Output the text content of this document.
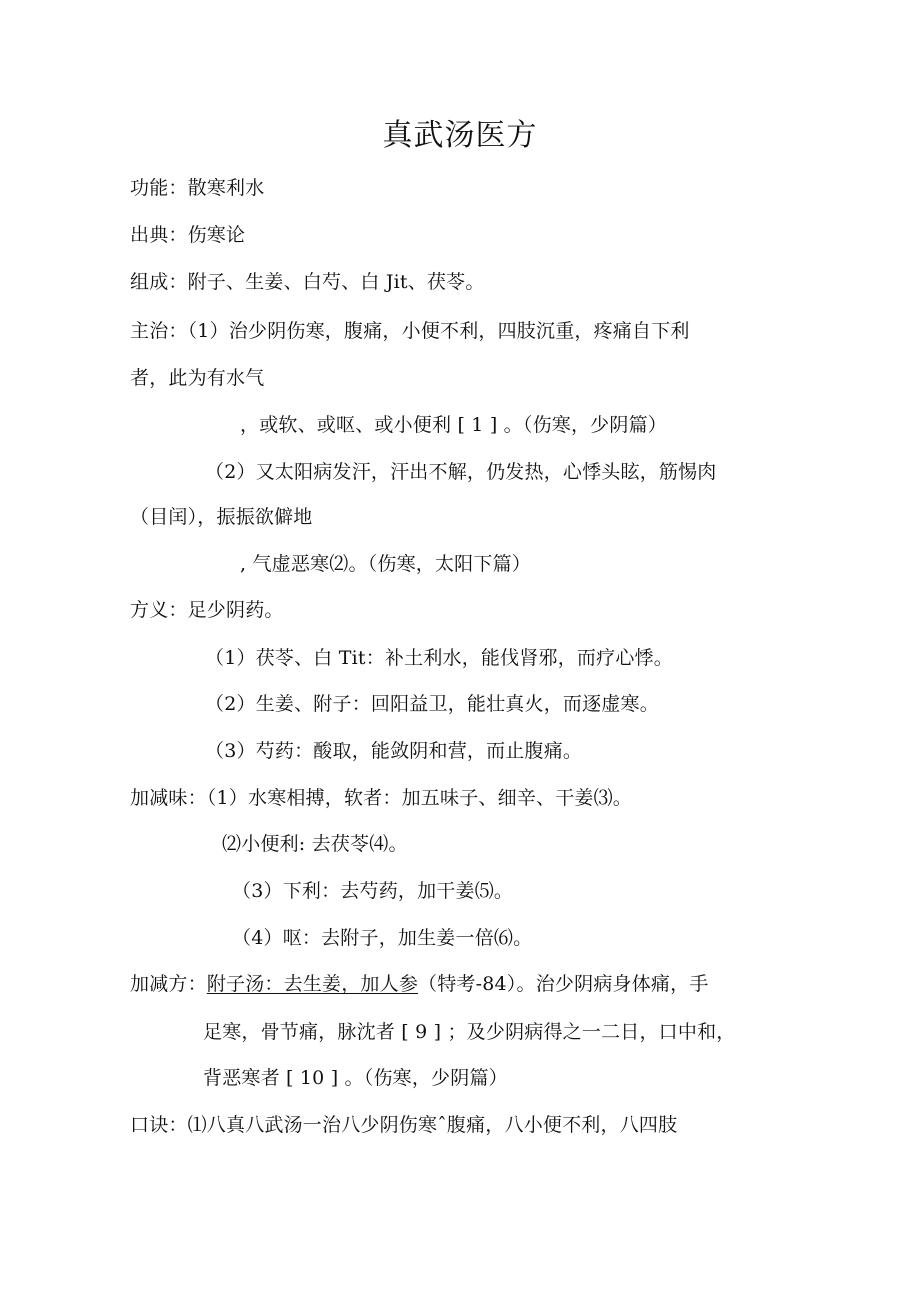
真武汤医方
功能：散寒利水
出典：伤寒论
组成：附子、生姜、白芍、白 Jit、茯苓。
主治：（1）治少阴伤寒，腹痛，小便不利，四肢沉重，疼痛自下利
者，此为有水气
，或软、或呕、或小便利 [ 1 ] 。（伤寒，少阴篇）
（2）又太阳病发汗，汗出不解，仍发热，心悸头眩，筋惕肉
（目闰），振振欲僻地
, 气虚恶寒⑵。（伤寒，太阳下篇）
方义：足少阴药。
（1）茯苓、白 Tit：补土利水，能伐肾邪，而疗心悸。
（2）生姜、附子：回阳益卫，能壮真火，而逐虚寒。
（3）芍药：酸取，能敛阴和营，而止腹痛。
加减味：（1）水寒相搏，软者：加五味子、细辛、干姜⑶。
⑵小便利: 去茯苓⑷。
（3）下利：去芍药，加干姜⑸。
（4）呕：去附子，加生姜一倍⑹。
加减方：附子汤：去生姜，加人参（特考-84）。治少阴病身体痛，手
足寒，骨节痛，脉沈者 [ 9 ] ；及少阴病得之一二日，口中和，
背恶寒者 [ 10 ] 。（伤寒，少阴篇）
口诀：⑴八真八武汤一治八少阴伤寒ˆ腹痛，八小便不利，八四肢
